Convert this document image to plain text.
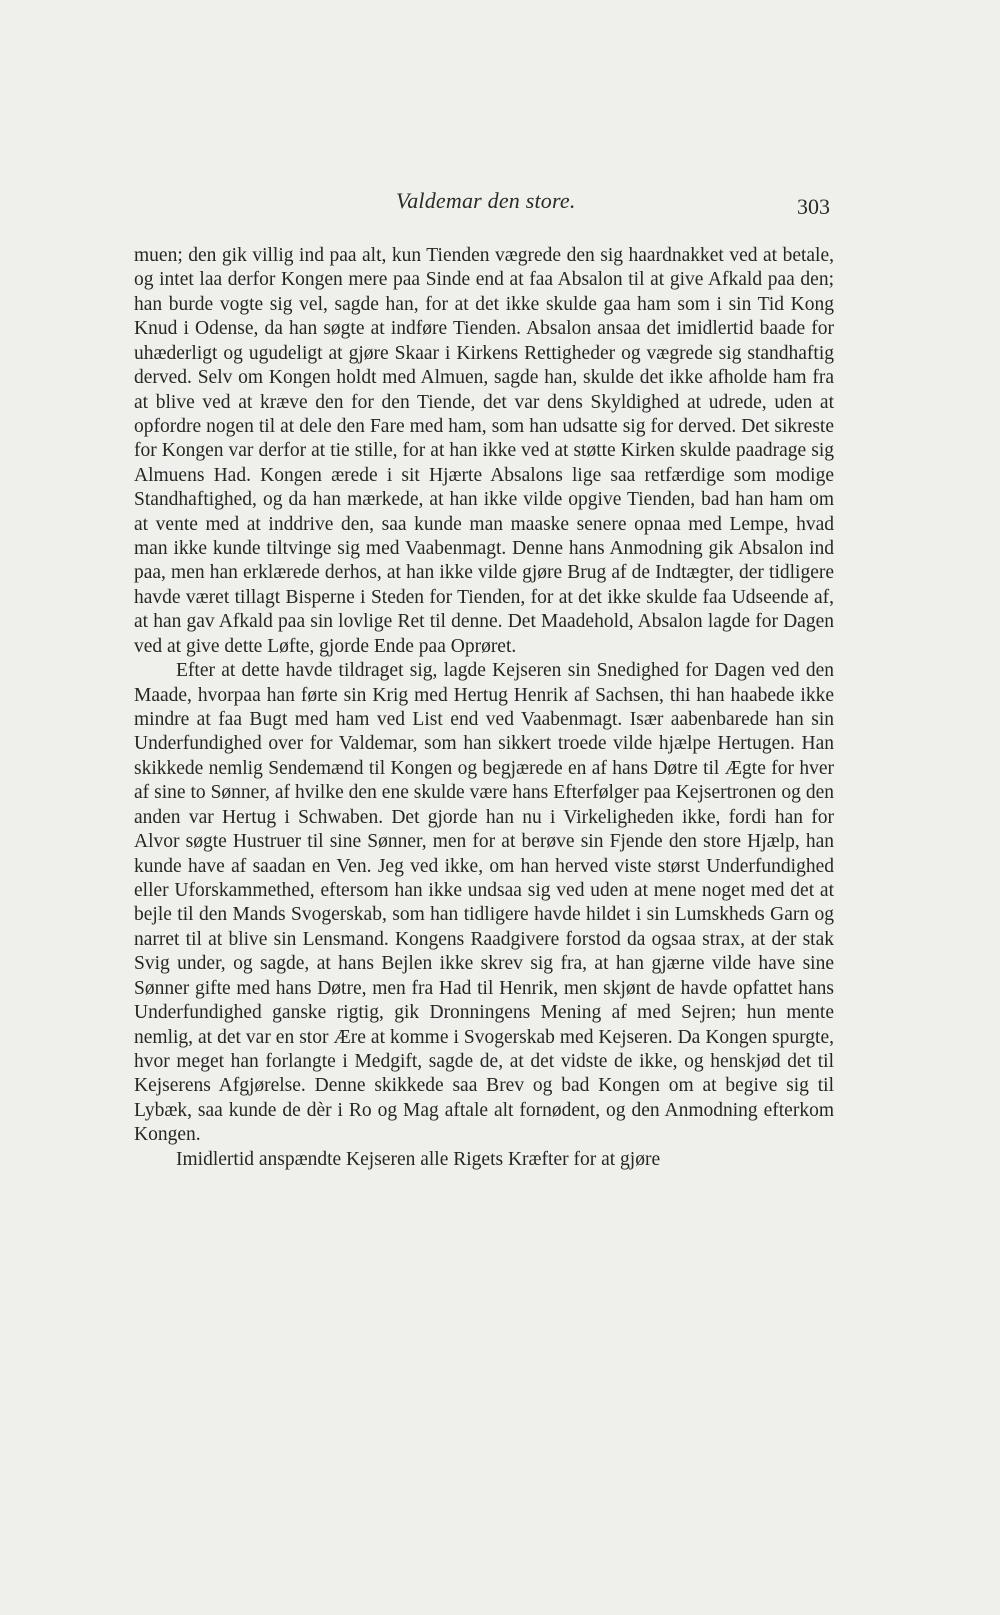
Valdemar den store.	303

muen; den gik villig ind paa alt, kun Tienden vægrede den sig haardnakket ved at betale, og intet laa derfor Kongen mere paa Sinde end at faa Absalon til at give Afkald paa den; han burde vogte sig vel, sagde han, for at det ikke skulde gaa ham som i sin Tid Kong Knud i Odense, da han søgte at indføre Tienden. Absalon ansaa det imidlertid baade for uhæderligt og ugudeligt at gjøre Skaar i Kirkens Rettigheder og vægrede sig standhaftig derved. Selv om Kongen holdt med Almuen, sagde han, skulde det ikke afholde ham fra at blive ved at kræve den for den Tiende, det var dens Skyldighed at udrede, uden at opfordre nogen til at dele den Fare med ham, som han udsatte sig for derved. Det sikreste for Kongen var derfor at tie stille, for at han ikke ved at støtte Kirken skulde paadrage sig Almuens Had. Kongen ærede i sit Hjærte Absalons lige saa retfærdige som modige Standhaftighed, og da han mærkede, at han ikke vilde opgive Tienden, bad han ham om at vente med at inddrive den, saa kunde man maaske senere opnaa med Lempe, hvad man ikke kunde tiltvinge sig med Vaabenmagt. Denne hans Anmodning gik Absalon ind paa, men han erklærede derhos, at han ikke vilde gjøre Brug af de Indtægter, der tidligere havde været tillagt Bisperne i Steden for Tienden, for at det ikke skulde faa Udseende af, at han gav Afkald paa sin lovlige Ret til denne. Det Maadehold, Absalon lagde for Dagen ved at give dette Løfte, gjorde Ende paa Oprøret.

Efter at dette havde tildraget sig, lagde Kejseren sin Snedighed for Dagen ved den Maade, hvorpaa han førte sin Krig med Hertug Henrik af Sachsen, thi han haabede ikke mindre at faa Bugt med ham ved List end ved Vaabenmagt. Især aabenbarede han sin Underfundighed over for Valdemar, som han sikkert troede vilde hjælpe Hertugen. Han skikkede nemlig Sendemænd til Kongen og begjærede en af hans Døtre til Ægte for hver af sine to Sønner, af hvilke den ene skulde være hans Efterfølger paa Kejsertronen og den anden var Hertug i Schwaben. Det gjorde han nu i Virkeligheden ikke, fordi han for Alvor søgte Hustruer til sine Sønner, men for at berøve sin Fjende den store Hjælp, han kunde have af saadan en Ven. Jeg ved ikke, om han herved viste størst Underfundighed eller Uforskammethed, eftersom han ikke undsaa sig ved uden at mene noget med det at bejle til den Mands Svogerskab, som han tidligere havde hildet i sin Lumskheds Garn og narret til at blive sin Lensmand. Kongens Raadgivere forstod da ogsaa strax, at der stak Svig under, og sagde, at hans Bejlen ikke skrev sig fra, at han gjærne vilde have sine Sønner gifte med hans Døtre, men fra Had til Henrik, men skjønt de havde opfattet hans Underfundighed ganske rigtig, gik Dronningens Mening af med Sejren; hun mente nemlig, at det var en stor Ære at komme i Svogerskab med Kejseren. Da Kongen spurgte, hvor meget han forlangte i Medgift, sagde de, at det vidste de ikke, og henskjød det til Kejserens Afgjørelse. Denne skikkede saa Brev og bad Kongen om at begive sig til Lybæk, saa kunde de dèr i Ro og Mag aftale alt fornødent, og den Anmodning efterkom Kongen.

Imidlertid anspændte Kejseren alle Rigets Kræfter for at gjøre
